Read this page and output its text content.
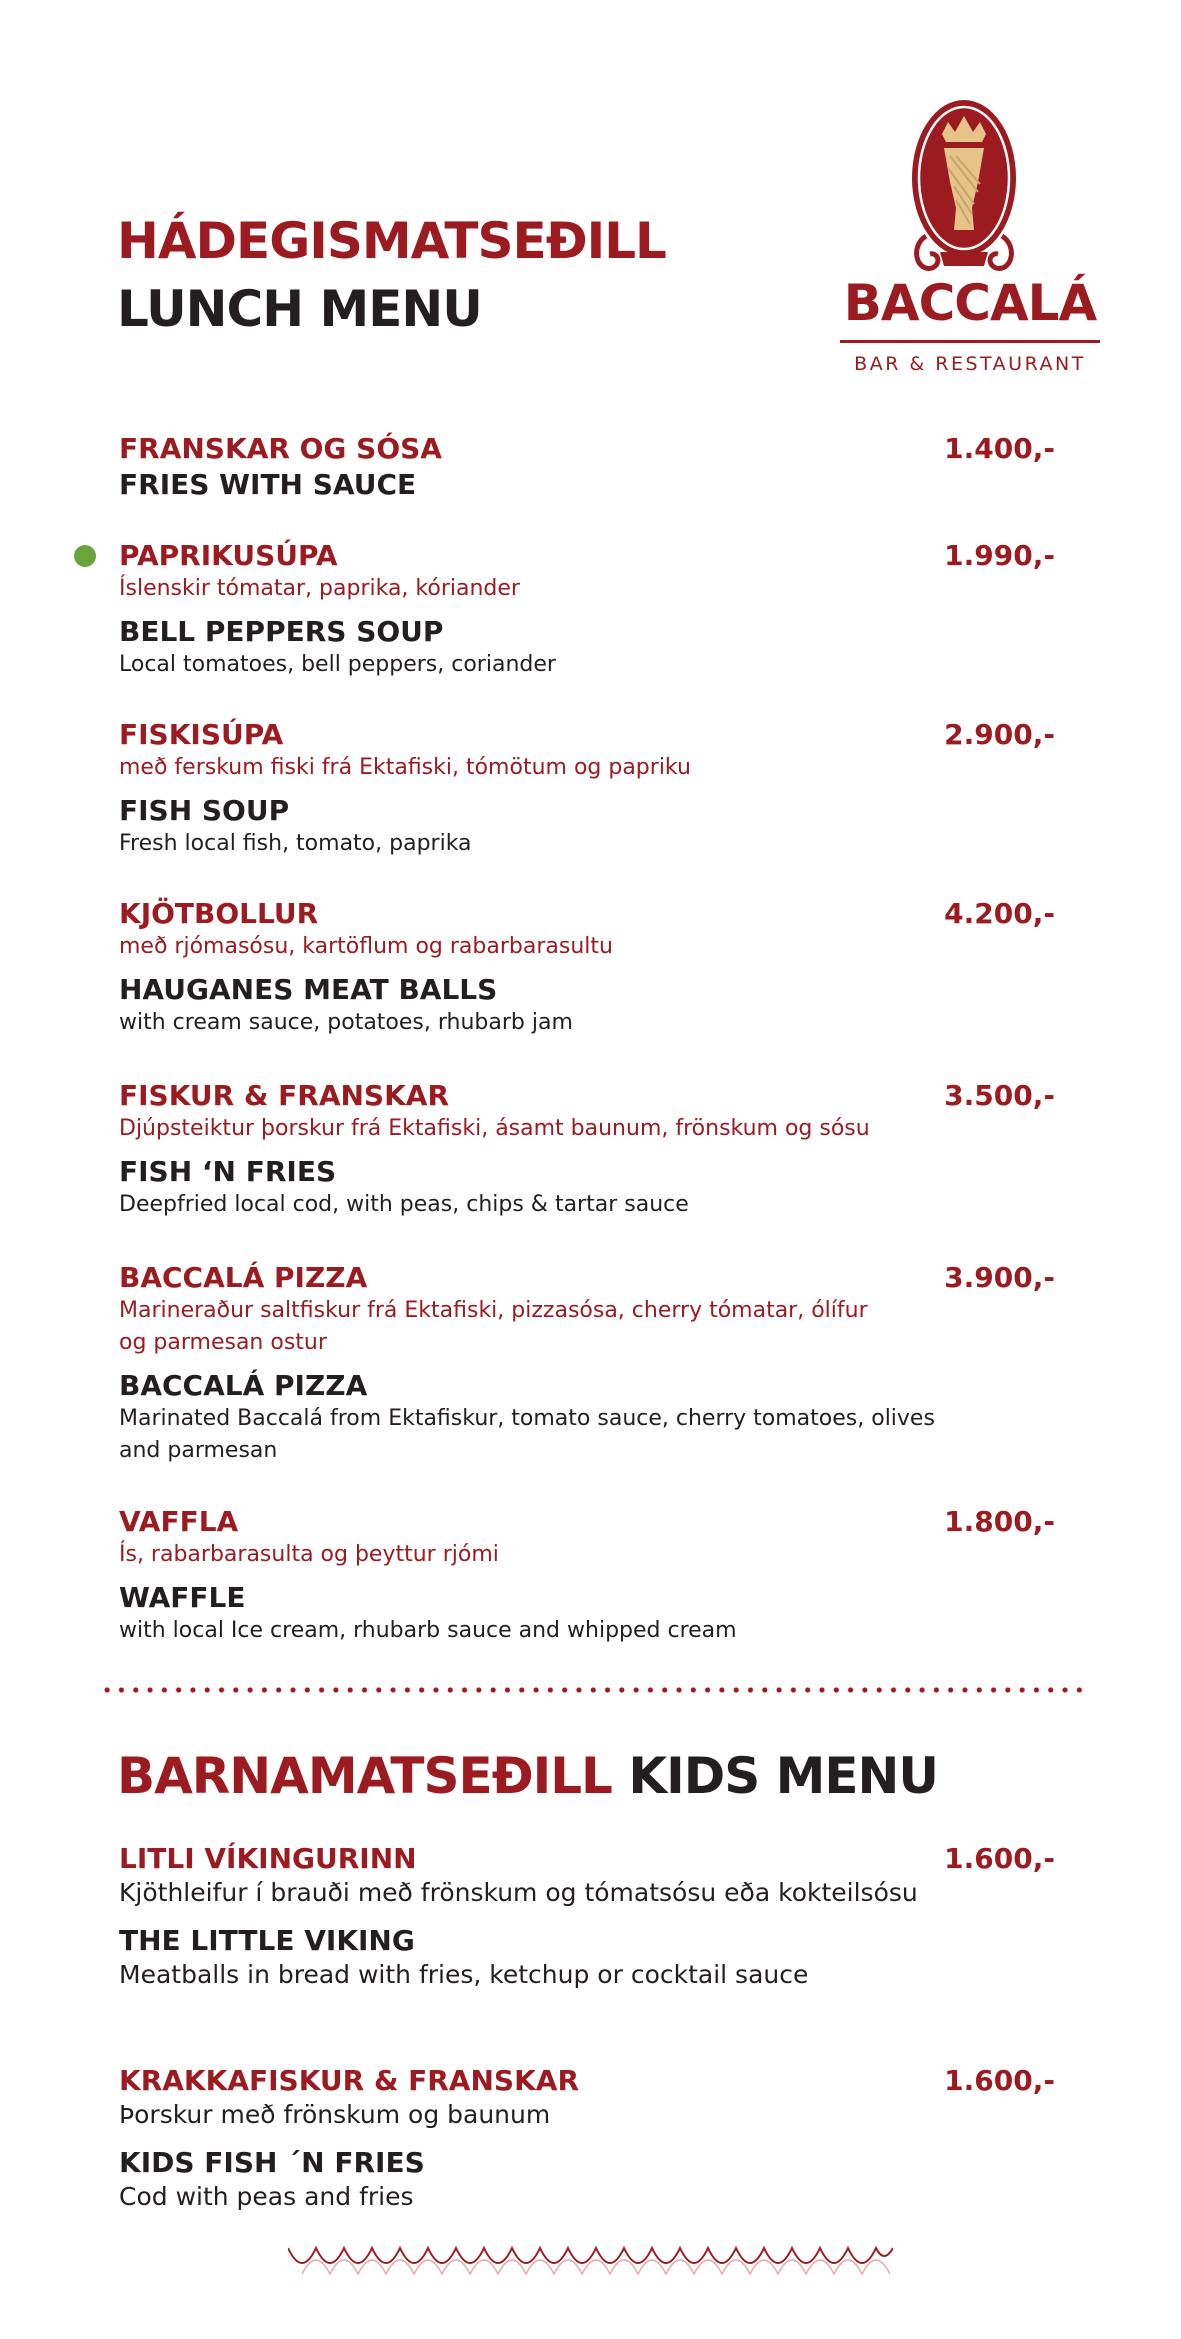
HÁDEGISMATSEÐILL
LUNCH MENU	BACCALÁ
BAR & RESTAURANT
FRANSKAR OG SÓSA
FRIES WITH SAUCE
1.400,-
PAPRIKUSÚPA
Íslenskir tómatar, paprika, kóriander
BELL PEPPERS SOUP
Local tomatoes, bell peppers, coriander
1.990,-
FISKISÚPA
með ferskum fiski frá Ektafiski, tómötum og papriku
FISH SOUP
Fresh local fish, tomato, paprika
2.900,-
KJÖTBOLLUR
með rjómasósu, kartöflum og rabarbarasultu
HAUGANES MEAT BALLS
with cream sauce, potatoes, rhubarb jam
4.200,-
FISKUR & FRANSKAR
Djúpsteiktur þorskur frá Ektafiski, ásamt baunum, frönskum og sósu
FISH ‘N FRIES
Deepfried local cod, with peas, chips & tartar sauce
3.500,-
BACCALÁ PIZZA
Marineraður saltfiskur frá Ektafiski, pizzasósa, cherry tómatar, ólífur og parmesan ostur
BACCALÁ PIZZA
Marinated Baccalá from Ektafiskur, tomato sauce, cherry tomatoes, olives and parmesan
3.900,-
VAFFLA
Ís, rabarbarasulta og þeyttur rjómi
WAFFLE
with local Ice cream, rhubarb sauce and whipped cream
1.800,-
BARNAMATSEÐILL KIDS MENU
LITLI VÍKINGURINN
Kjöthleifur í brauði með frönskum og tómatsósu eða kokteilsósu
THE LITTLE VIKING
Meatballs in bread with fries, ketchup or cocktail sauce
1.600,-
KRAKKAFISKUR & FRANSKAR
Þorskur með frönskum og baunum
KIDS FISH ´N FRIES
Cod with peas and fries
1.600,-
